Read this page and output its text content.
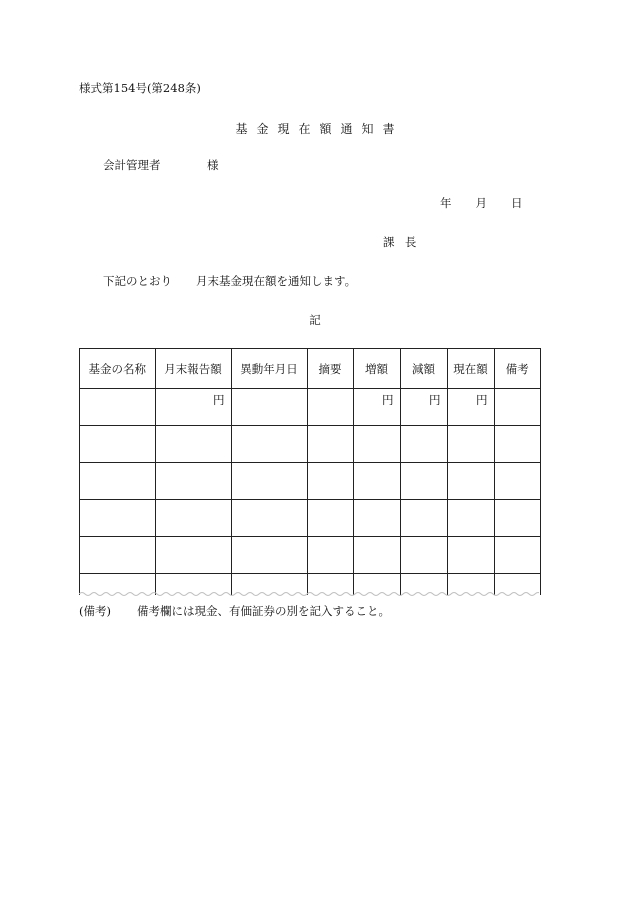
様式第154号(第248条)
基金現在額通知書
会計管理者	様
年 月 日
課長
下記のとおり 月末基金現在額を通知します。
記
基金の名称	月末報告額	異動年月日	摘要	増額	減額	現在額	備考
	円			円	円	円	

(備考) 備考欄には現金、有価証券の別を記入すること。
